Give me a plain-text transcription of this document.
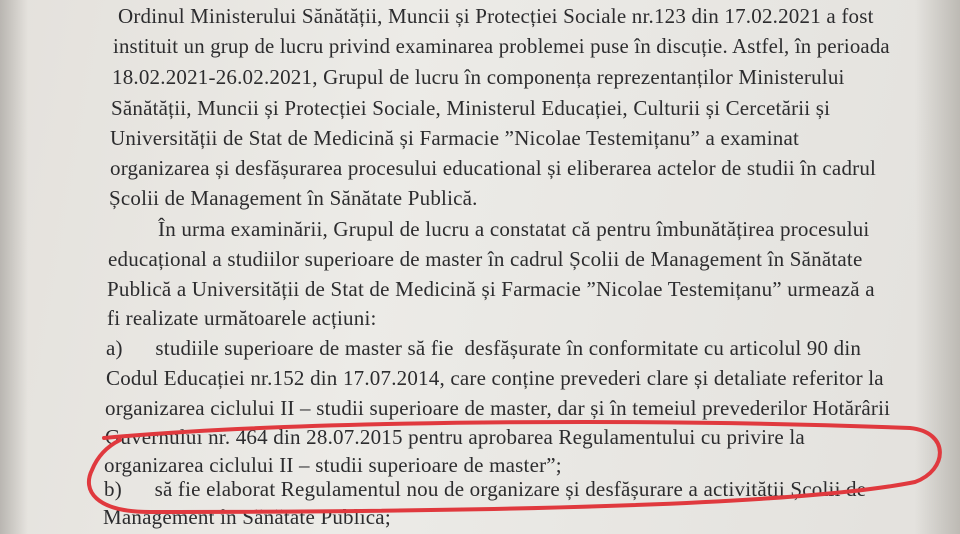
Ordinul Ministerului Sănătății, Muncii și Protecției Sociale nr.123 din 17.02.2021 a fost
instituit un grup de lucru privind examinarea problemei puse în discuție. Astfel, în perioada
18.02.2021-26.02.2021, Grupul de lucru în componența reprezentanților Ministerului
Sănătății, Muncii și Protecției Sociale, Ministerul Educației, Culturii și Cercetării și
Universității de Stat de Medicină și Farmacie ”Nicolae Testemițanu” a examinat
organizarea și desfășurarea procesului educational și eliberarea actelor de studii în cadrul
Școlii de Management în Sănătate Publică.
În urma examinării, Grupul de lucru a constatat că pentru îmbunătățirea procesului
educațional a studiilor superioare de master în cadrul Școlii de Management în Sănătate
Publică a Universității de Stat de Medicină și Farmacie ”Nicolae Testemițanu” urmează a
fi realizate următoarele acțiuni:
a)      studiile superioare de master să fie  desfășurate în conformitate cu articolul 90 din
Codul Educației nr.152 din 17.07.2014, care conține prevederi clare și detaliate referitor la
organizarea ciclului II – studii superioare de master, dar și în temeiul prevederilor Hotărârii
Guvernului nr. 464 din 28.07.2015 pentru aprobarea Regulamentului cu privire la
organizarea ciclului II – studii superioare de master”;
b)      să fie elaborat Regulamentul nou de organizare și desfășurare a activității Școlii de
Management în Sănătate Publică;
